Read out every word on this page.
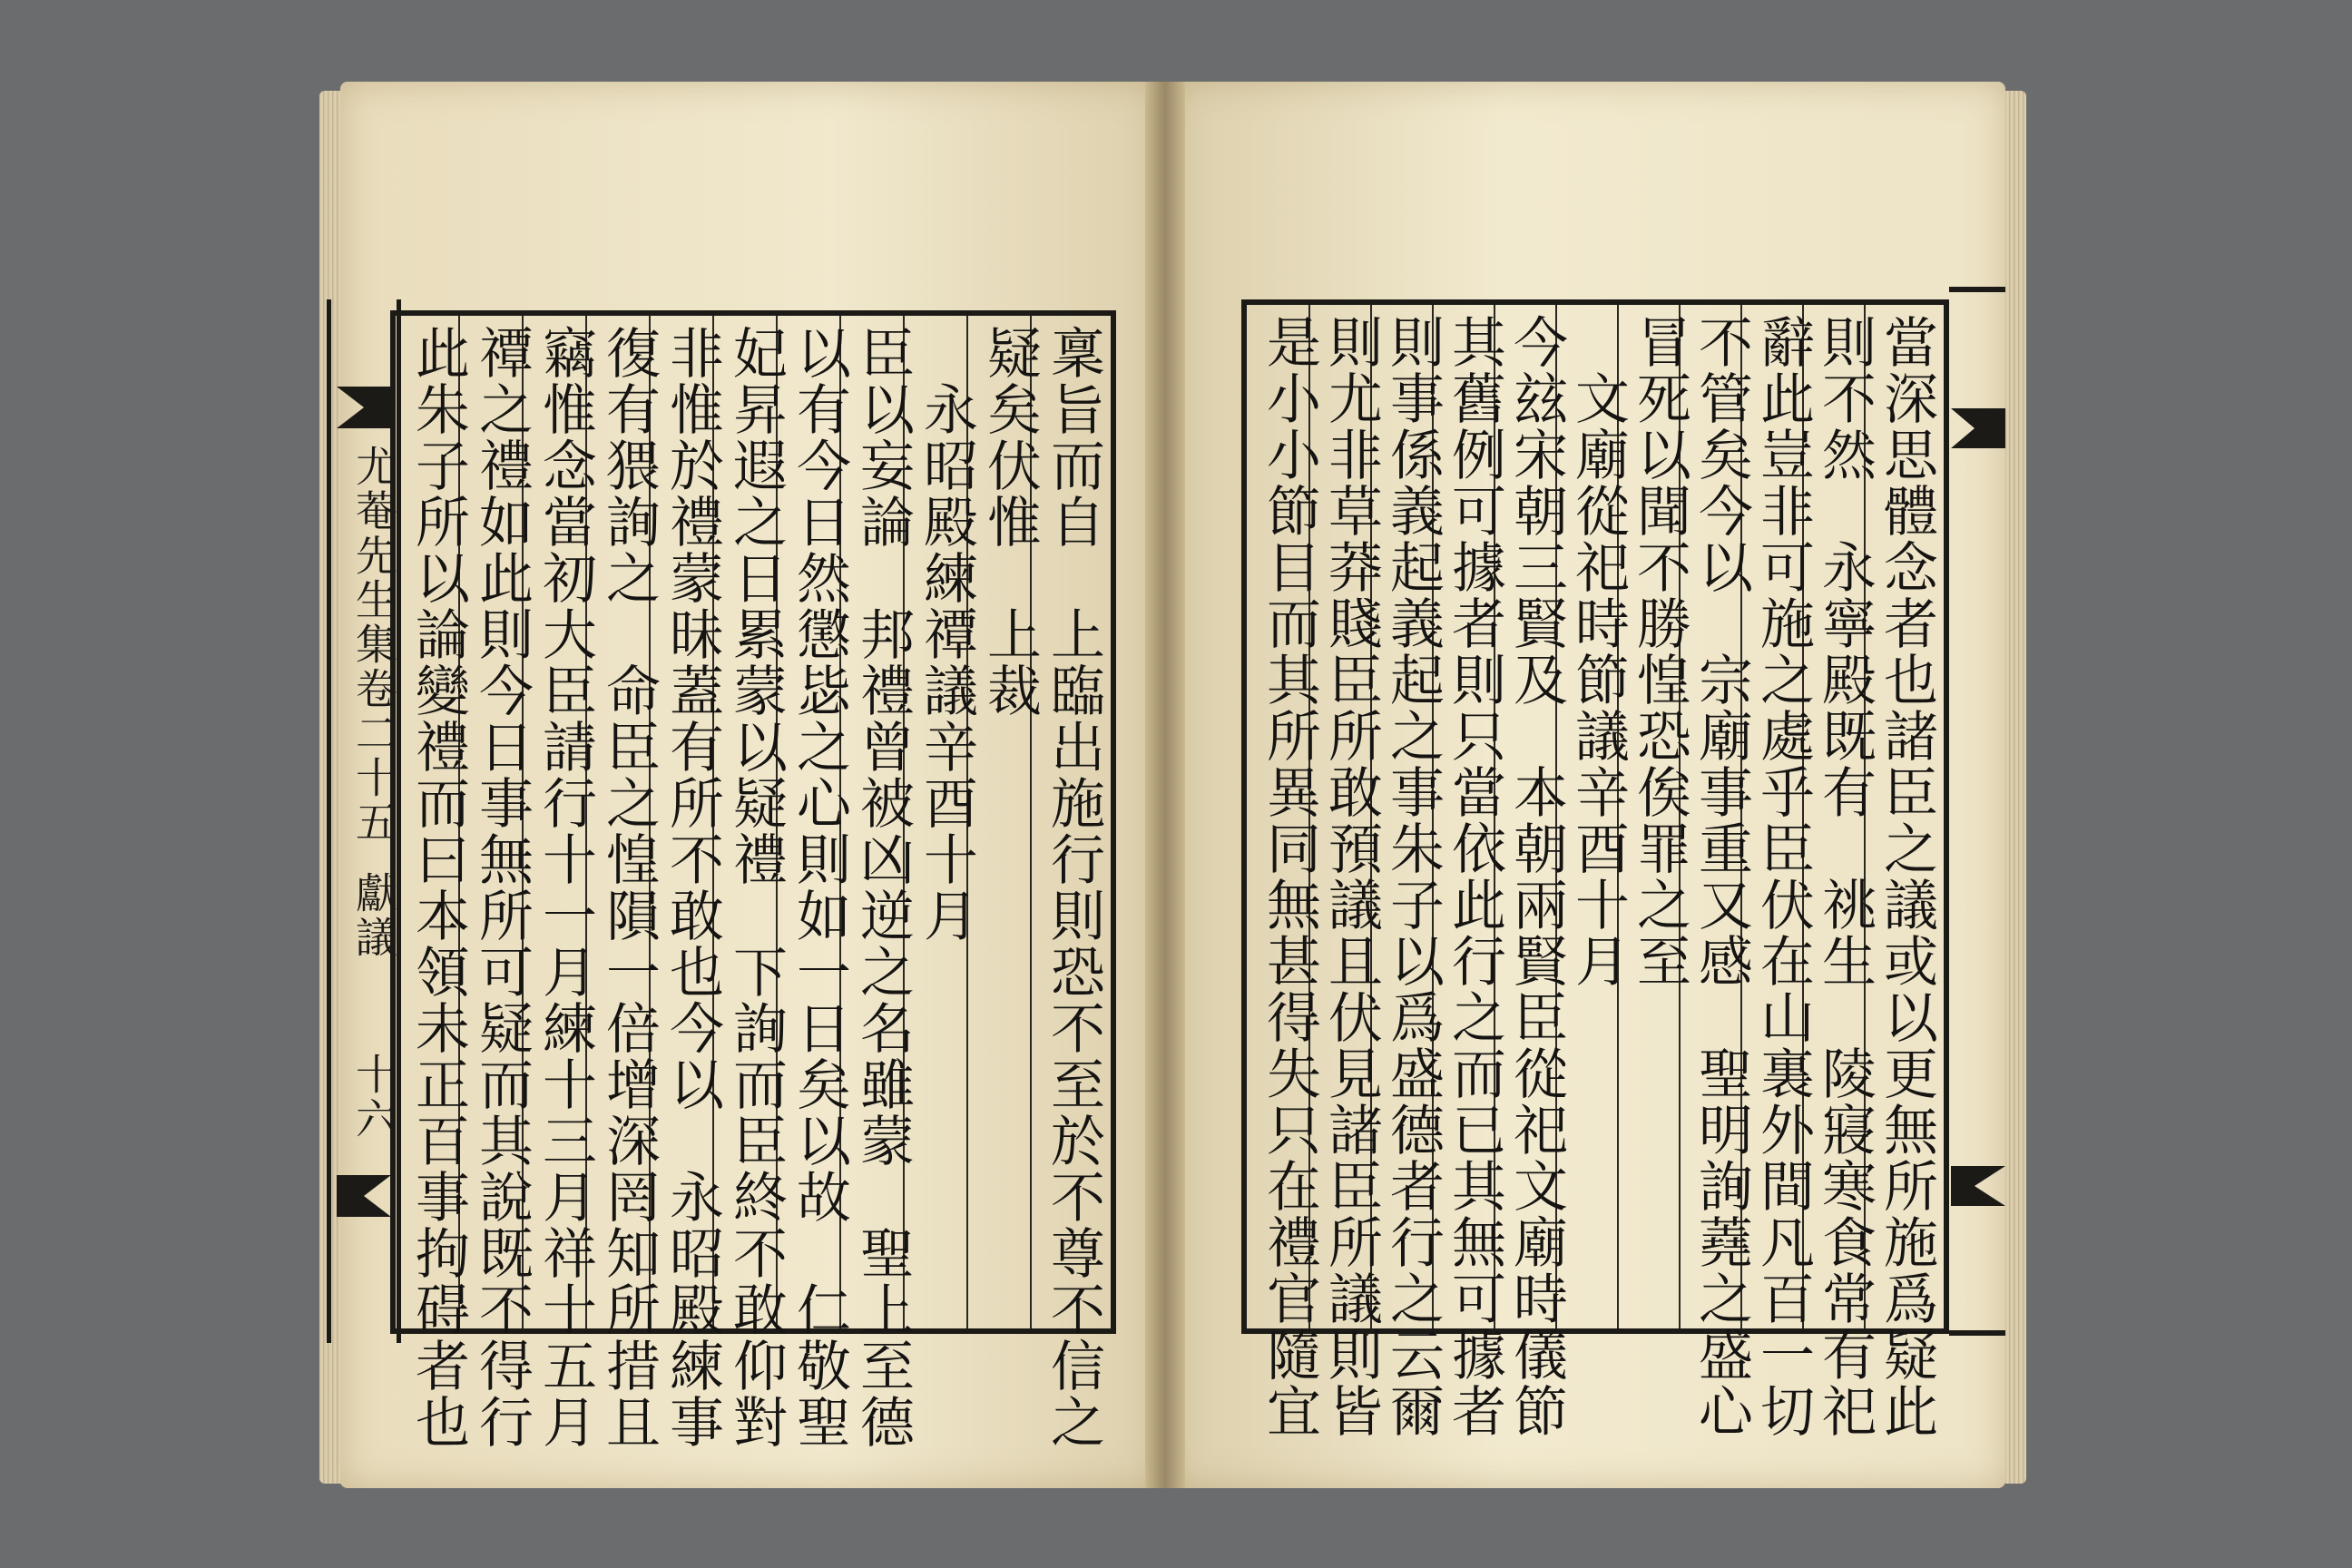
尤菴先生集卷二十五
獻議
十六	稟旨而自　上臨出施行則恐不至於不尊不信之
疑矣伏惟　上裁
　永昭殿練禫議辛酉十月
臣以妄論　邦禮曾被凶逆之名雖蒙　聖上至德
以有今日然懲毖之心則如一日矣以故　仁敬聖
妃昇遐之日累蒙以疑禮　下詢而臣終不敢仰對
非惟於禮蒙昧蓋有所不敢也今以　永昭殿練事
復有猥詢之　命臣之惶隕一倍增深罔知所措且
竊惟念當初大臣請行十一月練十三月祥十五月
禫之禮如此則今日事無所可疑而其說既不得行
此朱子所以論變禮而曰本領未正百事拘碍者也	當深思體念者也諸臣之議或以更無所施爲疑此
則不然　永寧殿既有　祧生　陵寢寒食常有祀
辭此豈非可施之處乎臣伏在山裏外間凡百一切
不管矣今以　宗廟事重又感　聖明詢蕘之盛心
冒死以聞不勝惶恐俟罪之至
　文廟從祀時節議辛酉十月
今玆宋朝三賢及　本朝兩賢臣從祀文廟時儀節
其舊例可據者則只當依此行之而已其無可據者
則事係義起義起之事朱子以爲盛德者行之云爾
則尤非草莽賤臣所敢預議且伏見諸臣所議則皆
是小小節目而其所異同無甚得失只在禮官隨宜
